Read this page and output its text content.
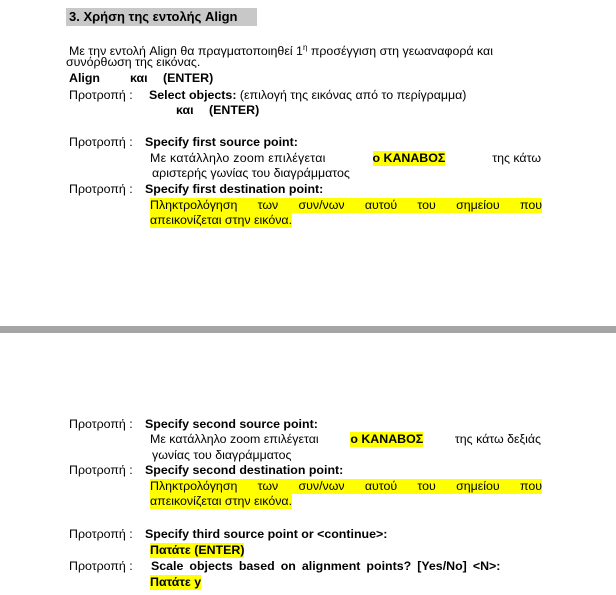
3. Χρήση της εντολής Align
Με την εντολή Align θα πραγματοποιηθεί $1^\eta$ προσέγγιση στη γεωαναφορά και
συνόρθωση της εικόνας.
Align και (ENTER)
Προτροπή : Select objects: (επιλογή της εικόνας από το περίγραμμα)
και (ENTER)
Προτροπή : Specify first source point:
Με κατάλληλο zoom επιλέγεται	ο ΚΑΝΑΒΟΣ	της κάτω
αριστερής γωνίας του διαγράμματος
Προτροπή : Specify first destination point:
Πληκτρολόγηση των συν/νων αυτού του σημείου που
απεικονίζεται στην εικόνα.
Προτροπή : Specify second source point:
Με κατάλληλο zoom επιλέγεται	ο ΚΑΝΑΒΟΣ	της κάτω δεξιάς
γωνίας του διαγράμματος
Προτροπή : Specify second destination point:
Πληκτρολόγηση των συν/νων αυτού του σημείου που
απεικονίζεται στην εικόνα.
Προτροπή : Specify third source point or <continue>:
Πατάτε (ENTER)
Προτροπή : Scale objects based on alignment points? [Yes/No] <N>:
Πατάτε y
